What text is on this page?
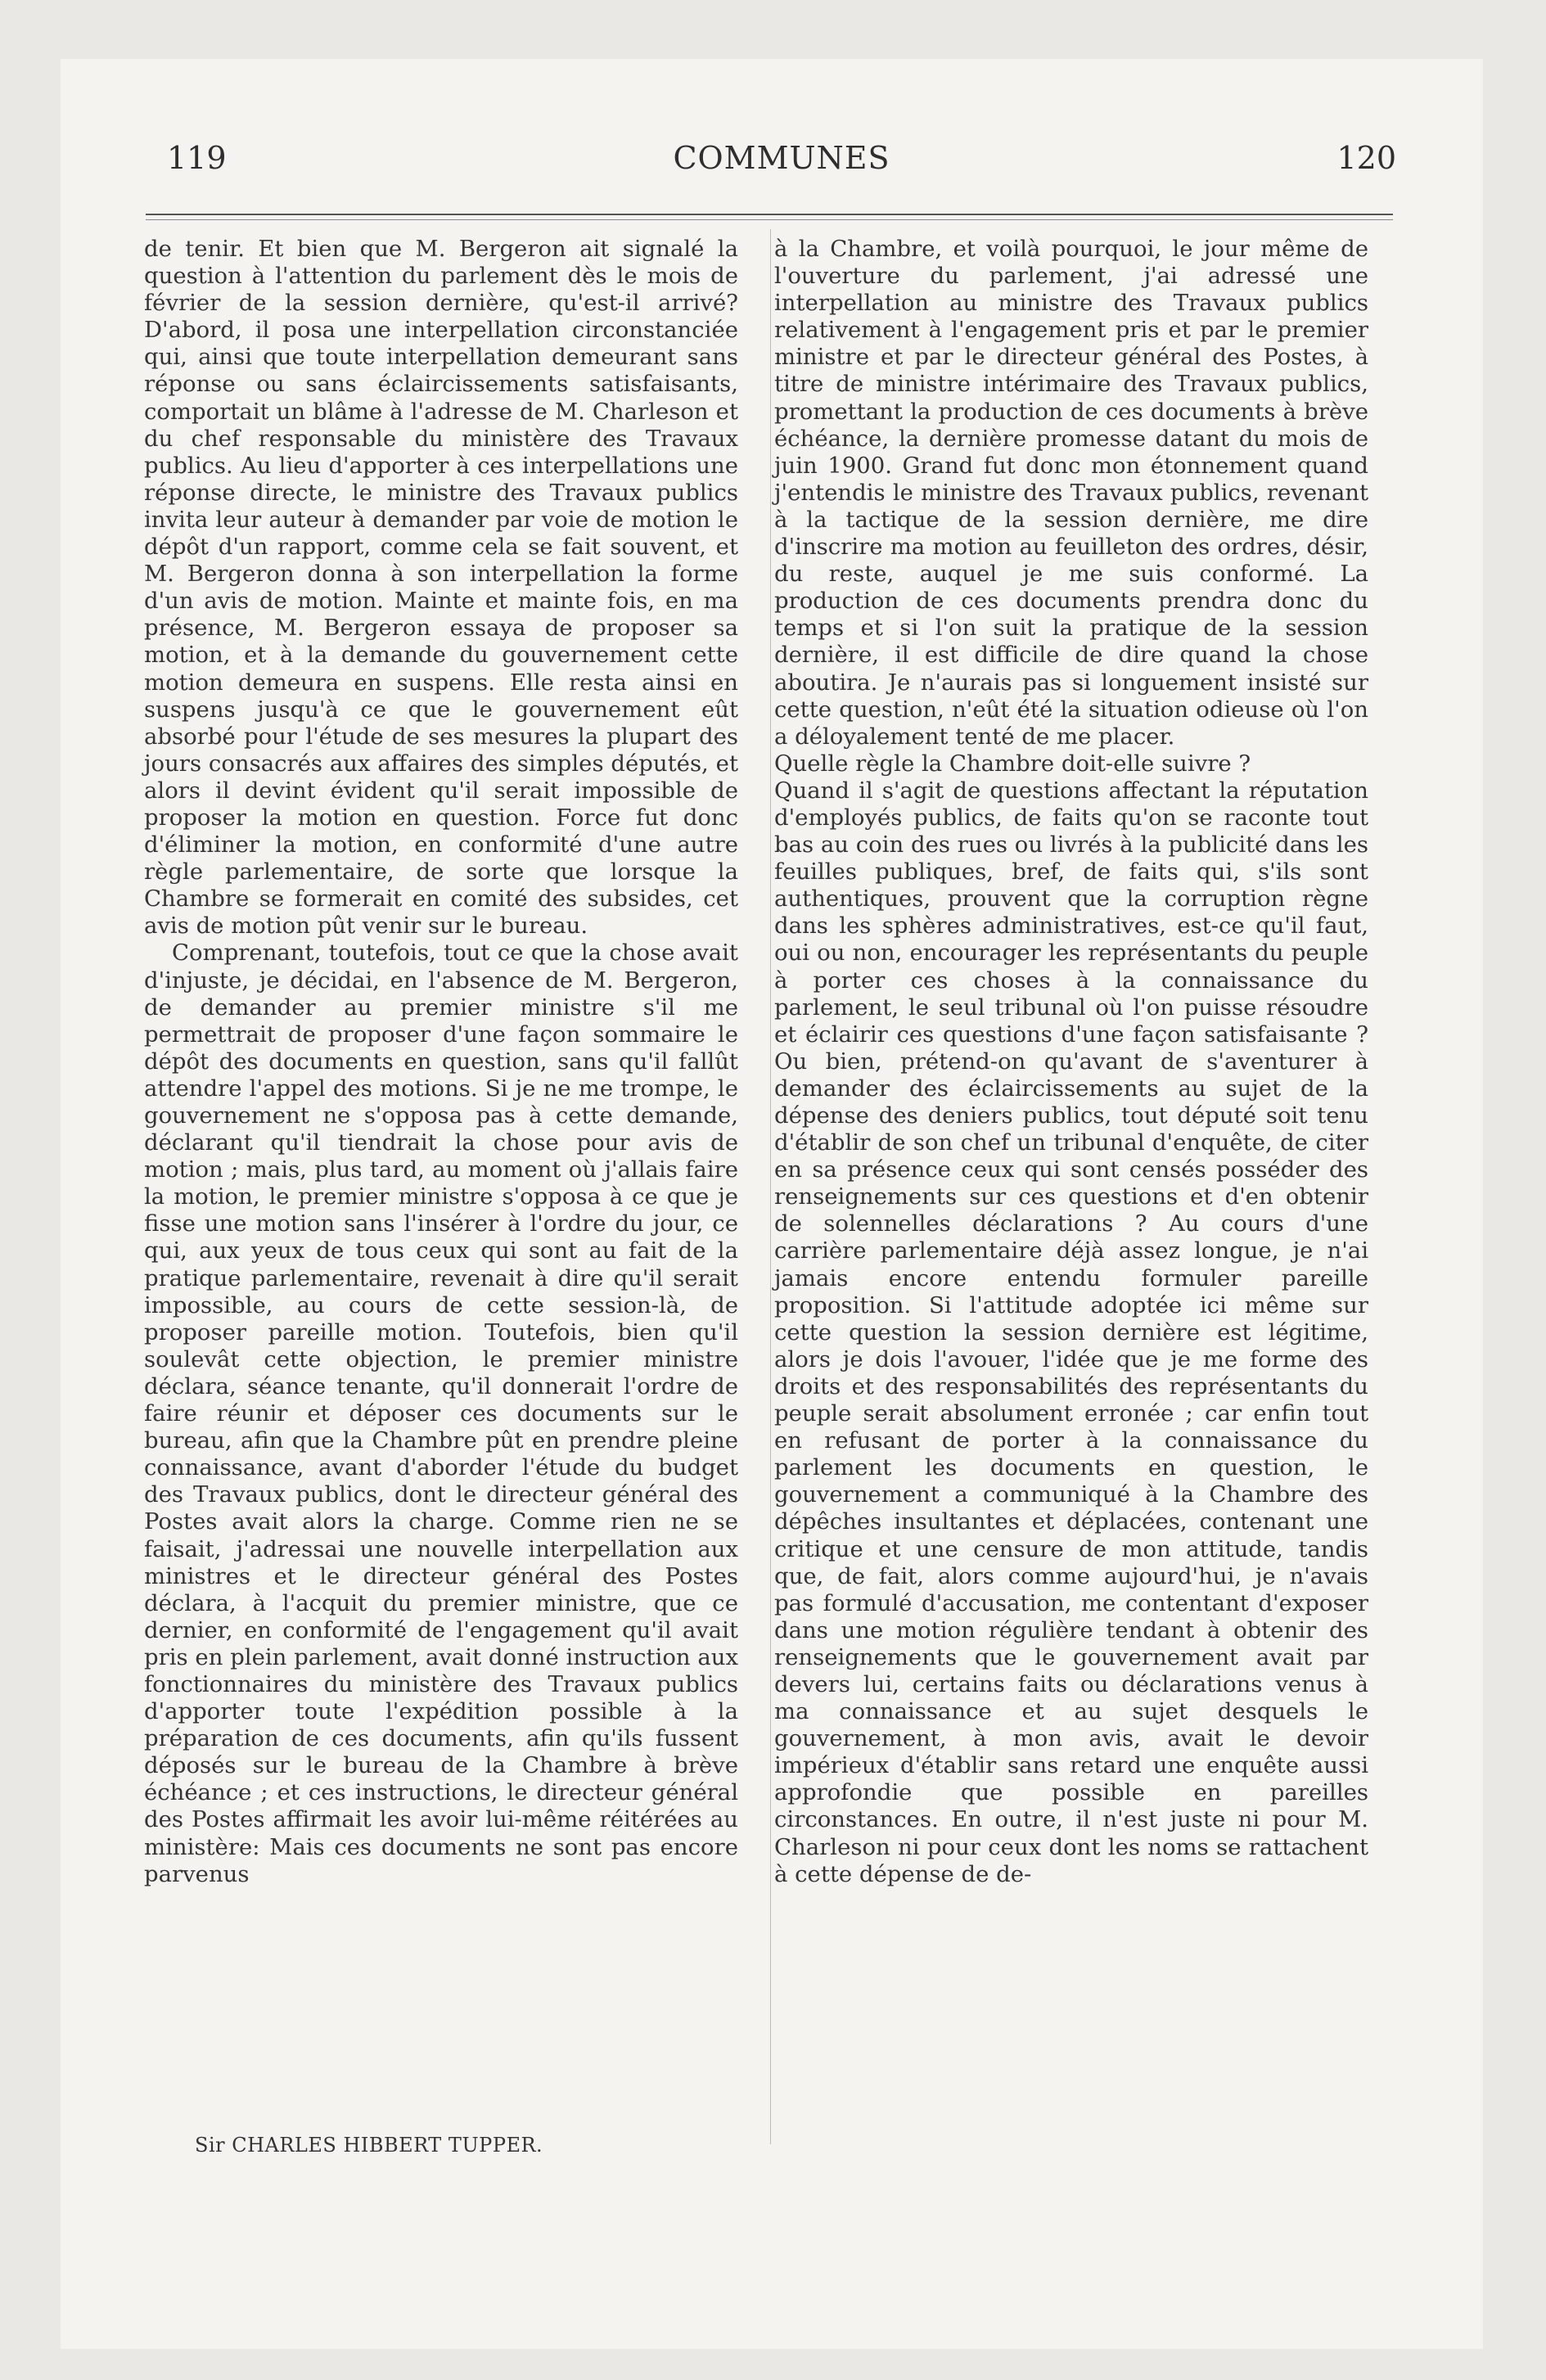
119	COMMUNES	120

de tenir. Et bien que M. Bergeron ait signalé la question à l'attention du parlement dès le mois de février de la session dernière, qu'est-il arrivé? D'abord, il posa une interpellation circonstanciée qui, ainsi que toute interpellation demeurant sans réponse ou sans éclaircissements satisfaisants, comportait un blâme à l'adresse de M. Charleson et du chef responsable du ministère des Travaux publics. Au lieu d'apporter à ces interpellations une réponse directe, le ministre des Travaux publics invita leur auteur à demander par voie de motion le dépôt d'un rapport, comme cela se fait souvent, et M. Bergeron donna à son interpellation la forme d'un avis de motion. Mainte et mainte fois, en ma présence, M. Bergeron essaya de proposer sa motion, et à la demande du gouvernement cette motion demeura en suspens. Elle resta ainsi en suspens jusqu'à ce que le gouvernement eût absorbé pour l'étude de ses mesures la plupart des jours consacrés aux affaires des simples députés, et alors il devint évident qu'il serait impossible de proposer la motion en question. Force fut donc d'éliminer la motion, en conformité d'une autre règle parlementaire, de sorte que lorsque la Chambre se formerait en comité des subsides, cet avis de motion pût venir sur le bureau.

Comprenant, toutefois, tout ce que la chose avait d'injuste, je décidai, en l'absence de M. Bergeron, de demander au premier ministre s'il me permettrait de proposer d'une façon sommaire le dépôt des documents en question, sans qu'il fallût attendre l'appel des motions. Si je ne me trompe, le gouvernement ne s'opposa pas à cette demande, déclarant qu'il tiendrait la chose pour avis de motion ; mais, plus tard, au moment où j'allais faire la motion, le premier ministre s'opposa à ce que je fisse une motion sans l'insérer à l'ordre du jour, ce qui, aux yeux de tous ceux qui sont au fait de la pratique parlementaire, revenait à dire qu'il serait impossible, au cours de cette session-là, de proposer pareille motion. Toutefois, bien qu'il soulevât cette objection, le premier ministre déclara, séance tenante, qu'il donnerait l'ordre de faire réunir et déposer ces documents sur le bureau, afin que la Chambre pût en prendre pleine connaissance, avant d'aborder l'étude du budget des Travaux publics, dont le directeur général des Postes avait alors la charge. Comme rien ne se faisait, j'adressai une nouvelle interpellation aux ministres et le directeur général des Postes déclara, à l'acquit du premier ministre, que ce dernier, en conformité de l'engagement qu'il avait pris en plein parlement, avait donné instruction aux fonctionnaires du ministère des Travaux publics d'apporter toute l'expédition possible à la préparation de ces documents, afin qu'ils fussent déposés sur le bureau de la Chambre à brève échéance ; et ces instructions, le directeur général des Postes affirmait les avoir lui-même réitérées au ministère: Mais ces documents ne sont pas encore parvenus

Sir CHARLES HIBBERT TUPPER.

à la Chambre, et voilà pourquoi, le jour même de l'ouverture du parlement, j'ai adressé une interpellation au ministre des Travaux publics relativement à l'engagement pris et par le premier ministre et par le directeur général des Postes, à titre de ministre intérimaire des Travaux publics, promettant la production de ces documents à brève échéance, la dernière promesse datant du mois de juin 1900. Grand fut donc mon étonnement quand j'entendis le ministre des Travaux publics, revenant à la tactique de la session dernière, me dire d'inscrire ma motion au feuilleton des ordres, désir, du reste, auquel je me suis conformé. La production de ces documents prendra donc du temps et si l'on suit la pratique de la session dernière, il est difficile de dire quand la chose aboutira. Je n'aurais pas si longuement insisté sur cette question, n'eût été la situation odieuse où l'on a déloyalement tenté de me placer.

Quelle règle la Chambre doit-elle suivre ?

Quand il s'agit de questions affectant la réputation d'employés publics, de faits qu'on se raconte tout bas au coin des rues ou livrés à la publicité dans les feuilles publiques, bref, de faits qui, s'ils sont authentiques, prouvent que la corruption règne dans les sphères administratives, est-ce qu'il faut, oui ou non, encourager les représentants du peuple à porter ces choses à la connaissance du parlement, le seul tribunal où l'on puisse résoudre et éclairir ces questions d'une façon satisfaisante ? Ou bien, prétend-on qu'avant de s'aventurer à demander des éclaircissements au sujet de la dépense des deniers publics, tout député soit tenu d'établir de son chef un tribunal d'enquête, de citer en sa présence ceux qui sont censés posséder des renseignements sur ces questions et d'en obtenir de solennelles déclarations ? Au cours d'une carrière parlementaire déjà assez longue, je n'ai jamais encore entendu formuler pareille proposition. Si l'attitude adoptée ici même sur cette question la session dernière est légitime, alors je dois l'avouer, l'idée que je me forme des droits et des responsabilités des représentants du peuple serait absolument erronée ; car enfin tout en refusant de porter à la connaissance du parlement les documents en question, le gouvernement a communiqué à la Chambre des dépêches insultantes et déplacées, contenant une critique et une censure de mon attitude, tandis que, de fait, alors comme aujourd'hui, je n'avais pas formulé d'accusation, me contentant d'exposer dans une motion régulière tendant à obtenir des renseignements que le gouvernement avait par devers lui, certains faits ou déclarations venus à ma connaissance et au sujet desquels le gouvernement, à mon avis, avait le devoir impérieux d'établir sans retard une enquête aussi approfondie que possible en pareilles circonstances. En outre, il n'est juste ni pour M. Charleson ni pour ceux dont les noms se rattachent à cette dépense de de-
